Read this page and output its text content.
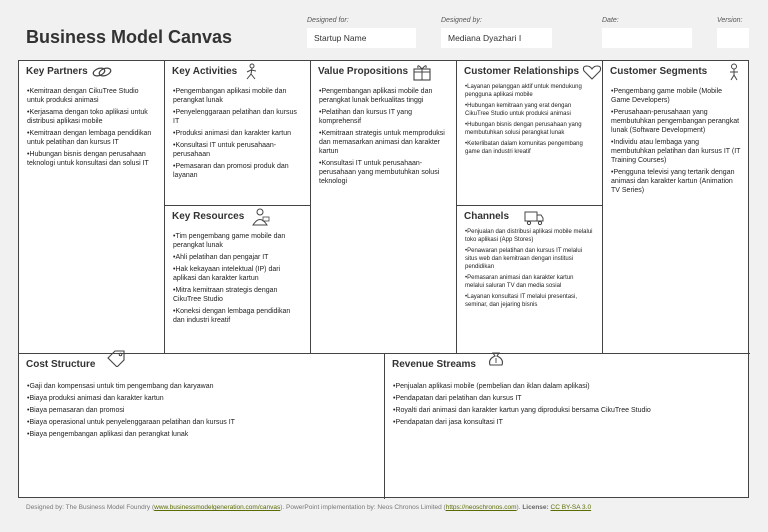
Business Model Canvas
Designed for:
Startup Name
Designed by:
Mediana Dyazhari I
Date:	Version:
Key Partners
•Kemitraan dengan CikuTree Studio untuk produksi animasi
•Kerjasama dengan toko aplikasi untuk distribusi aplikasi mobile
•Kemitraan dengan lembaga pendidikan untuk pelatihan dan kursus IT
•Hubungan bisnis dengan perusahaan teknologi untuk konsultasi dan solusi IT
Key Activities
•Pengembangan aplikasi mobile dan perangkat lunak
•Penyelenggaraan pelatihan dan kursus IT
•Produksi animasi dan karakter kartun
•Konsultasi IT untuk perusahaan-perusahaan
•Pemasaran dan promosi produk dan layanan
Key Resources
•Tim pengembang game mobile dan perangkat lunak
•Ahli pelatihan dan pengajar IT
•Hak kekayaan intelektual (IP) dari aplikasi dan karakter kartun
•Mitra kemitraan strategis dengan CikuTree Studio
•Koneksi dengan lembaga pendidikan dan industri kreatif
Value Propositions
•Pengembangan aplikasi mobile dan perangkat lunak berkualitas tinggi
•Pelatihan dan kursus IT yang komprehensif
•Kemitraan strategis untuk memproduksi dan memasarkan animasi dan karakter kartun
•Konsultasi IT untuk perusahaan-perusahaan yang membutuhkan solusi teknologi
Customer Relationships
•Layanan pelanggan aktif untuk mendukung pengguna aplikasi mobile
•Hubungan kemitraan yang erat dengan CikuTree Studio untuk produksi animasi
•Hubungan bisnis dengan perusahaan yang membutuhkan solusi perangkat lunak
•Keterlibatan dalam komunitas pengembang game dan industri kreatif
Channels
•Penjualan dan distribusi aplikasi mobile melalui toko aplikasi (App Stores)
•Penawaran pelatihan dan kursus IT melalui situs web dan kemitraan dengan institusi pendidikan
•Pemasaran animasi dan karakter kartun melalui saluran TV dan media sosial
•Layanan konsultasi IT melalui presentasi, seminar, dan jejaring bisnis
Customer Segments
•Pengembang game mobile (Mobile Game Developers)
•Perusahaan-perusahaan yang membutuhkan pengembangan perangkat lunak (Software Development)
•Individu atau lembaga yang membutuhkan pelatihan dan kursus IT (IT Training Courses)
•Pengguna televisi yang tertarik dengan animasi dan karakter kartun (Animation TV Series)
Cost Structure
•Gaji dan kompensasi untuk tim pengembang dan karyawan
•Biaya produksi animasi dan karakter kartun
•Biaya pemasaran dan promosi
•Biaya operasional untuk penyelenggaraan pelatihan dan kursus IT
•Biaya pengembangan aplikasi dan perangkat lunak
Revenue Streams
•Penjualan aplikasi mobile (pembelian dan iklan dalam aplikasi)
•Pendapatan dari pelatihan dan kursus IT
•Royalti dari animasi dan karakter kartun yang diproduksi bersama CikuTree Studio
•Pendapatan dari jasa konsultasi IT
Designed by: The Business Model Foundry (www.businessmodelgeneration.com/canvas). PowerPoint implementation by: Neos Chronos Limited (https://neoschronos.com). License: CC BY-SA 3.0
